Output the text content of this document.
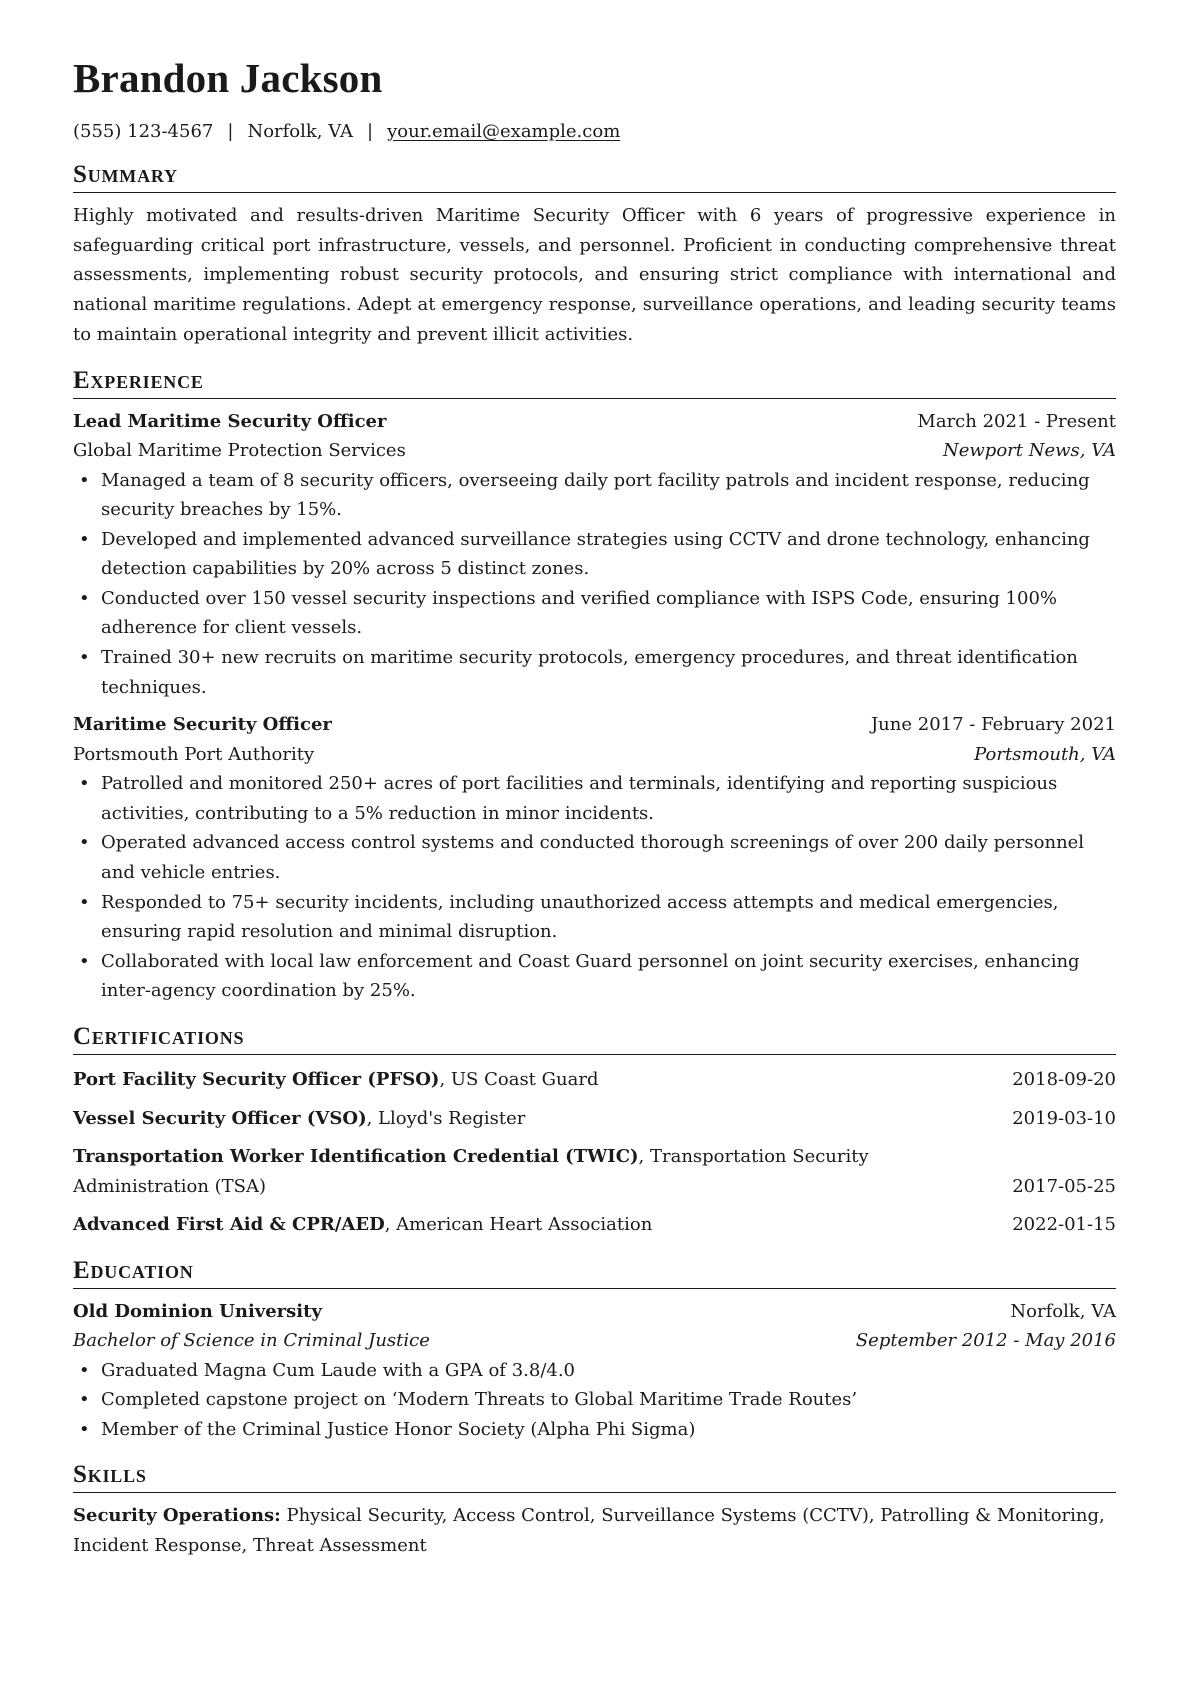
Brandon Jackson
(555) 123-4567 | Norfolk, VA | your.email@example.com
Summary
Highly motivated and results-driven Maritime Security Officer with 6 years of progressive experience in safeguarding critical port infrastructure, vessels, and personnel. Proficient in conducting comprehensive threat assessments, implementing robust security protocols, and ensuring strict compliance with international and national maritime regulations. Adept at emergency response, surveillance operations, and leading security teams to maintain operational integrity and prevent illicit activities.
Experience
Lead Maritime Security Officer	March 2021 - Present
Global Maritime Protection Services	Newport News, VA
• Managed a team of 8 security officers, overseeing daily port facility patrols and incident response, reducing security breaches by 15%.
• Developed and implemented advanced surveillance strategies using CCTV and drone technology, enhancing detection capabilities by 20% across 5 distinct zones.
• Conducted over 150 vessel security inspections and verified compliance with ISPS Code, ensuring 100% adherence for client vessels.
• Trained 30+ new recruits on maritime security protocols, emergency procedures, and threat identification techniques.
Maritime Security Officer	June 2017 - February 2021
Portsmouth Port Authority	Portsmouth, VA
• Patrolled and monitored 250+ acres of port facilities and terminals, identifying and reporting suspicious activities, contributing to a 5% reduction in minor incidents.
• Operated advanced access control systems and conducted thorough screenings of over 200 daily personnel and vehicle entries.
• Responded to 75+ security incidents, including unauthorized access attempts and medical emergencies, ensuring rapid resolution and minimal disruption.
• Collaborated with local law enforcement and Coast Guard personnel on joint security exercises, enhancing inter-agency coordination by 25%.
Certifications
Port Facility Security Officer (PFSO), US Coast Guard	2018-09-20
Vessel Security Officer (VSO), Lloyd's Register	2019-03-10
Transportation Worker Identification Credential (TWIC), Transportation Security Administration (TSA)	2017-05-25
Advanced First Aid & CPR/AED, American Heart Association	2022-01-15
Education
Old Dominion University	Norfolk, VA
Bachelor of Science in Criminal Justice	September 2012 - May 2016
• Graduated Magna Cum Laude with a GPA of 3.8/4.0
• Completed capstone project on ‘Modern Threats to Global Maritime Trade Routes’
• Member of the Criminal Justice Honor Society (Alpha Phi Sigma)
Skills
Security Operations: Physical Security, Access Control, Surveillance Systems (CCTV), Patrolling & Monitoring, Incident Response, Threat Assessment
